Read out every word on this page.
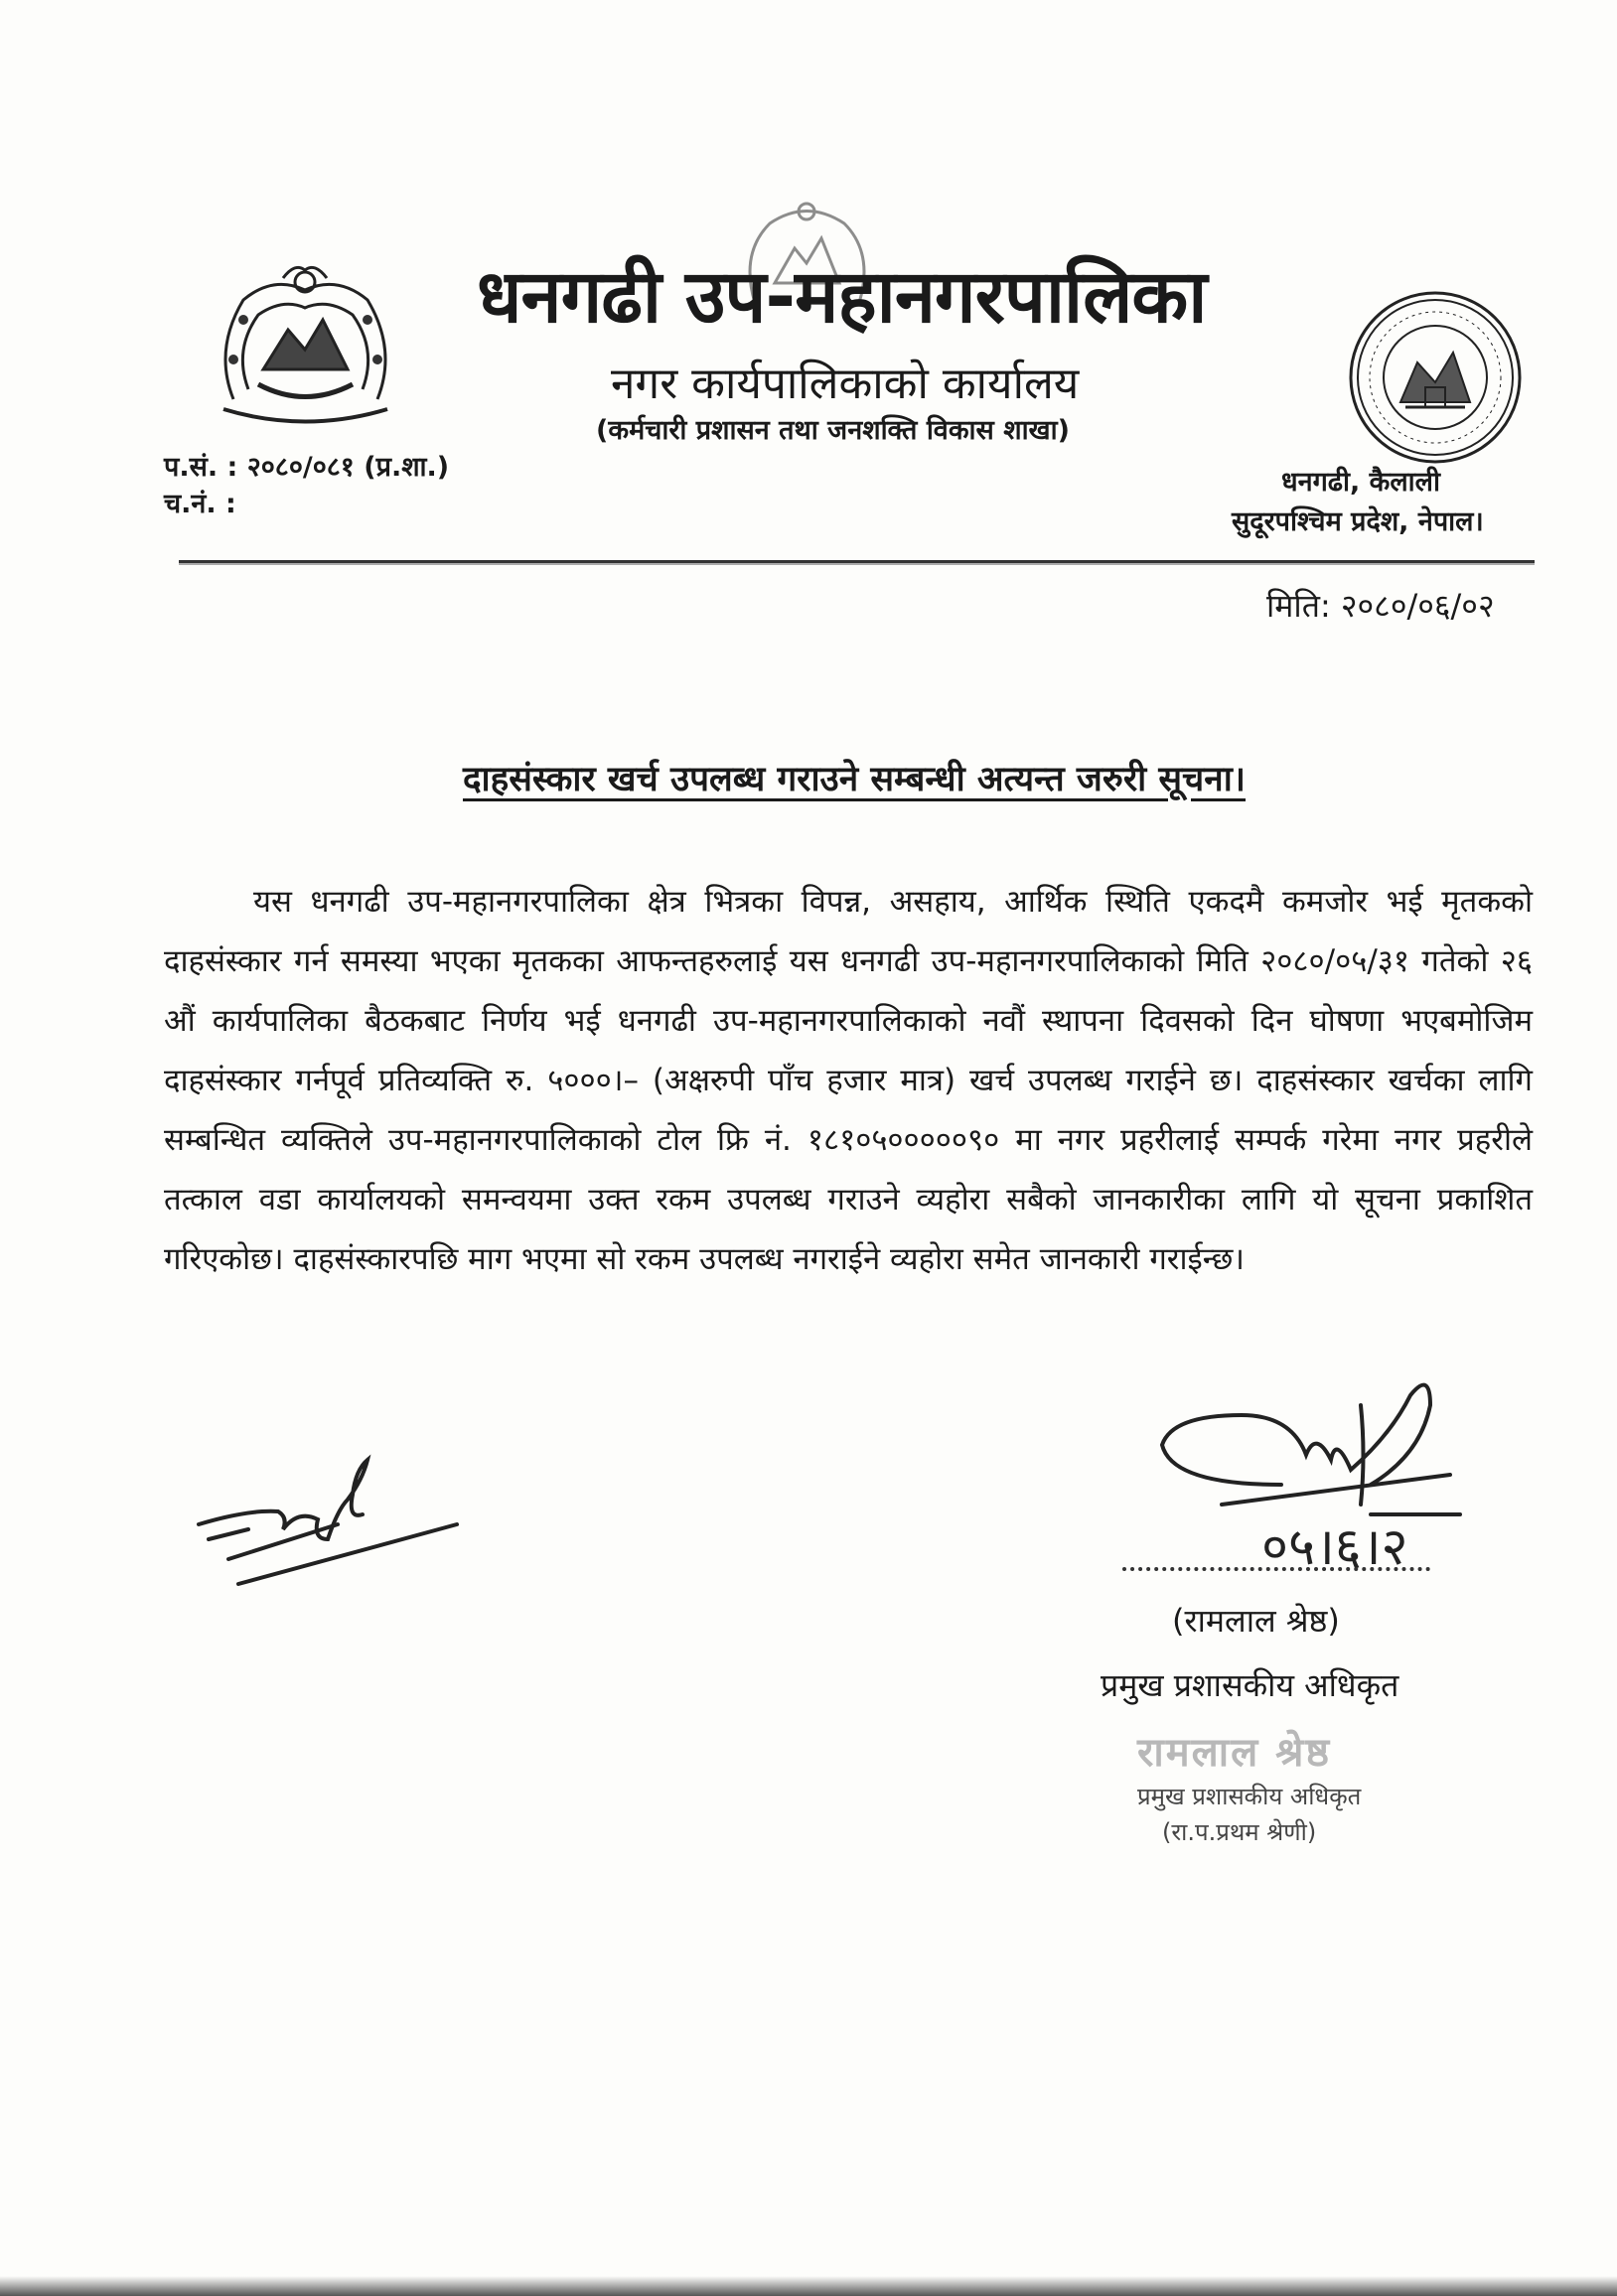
धनगढी उप-महानगरपालिका
नगर कार्यपालिकाको कार्यालय
(कर्मचारी प्रशासन तथा जनशक्ति विकास शाखा)
प.सं. : २०८०/०८१ (प्र.शा.)
च.नं. :
धनगढी, कैलाली
सुदूरपश्चिम प्रदेश, नेपाल।
मिति: २०८०/०६/०२
दाहसंस्कार खर्च उपलब्ध गराउने सम्बन्धी अत्यन्त जरुरी सूचना।
यस धनगढी उप-महानगरपालिका क्षेत्र भित्रका विपन्न, असहाय, आर्थिक स्थिति एकदमै कमजोर भई मृतकको दाहसंस्कार गर्न समस्या भएका मृतकका आफन्तहरुलाई यस धनगढी उप-महानगरपालिकाको मिति २०८०/०५/३१ गतेको २६ औं कार्यपालिका बैठकबाट निर्णय भई धनगढी उप-महानगरपालिकाको नवौं स्थापना दिवसको दिन घोषणा भएबमोजिम दाहसंस्कार गर्नपूर्व प्रतिव्यक्ति रु. ५०००।– (अक्षरुपी पाँच हजार मात्र) खर्च उपलब्ध गराईने छ। दाहसंस्कार खर्चका लागि सम्बन्धित व्यक्तिले उप-महानगरपालिकाको टोल फ्रि नं. १८१०५०००००९० मा नगर प्रहरीलाई सम्पर्क गरेमा नगर प्रहरीले तत्काल वडा कार्यालयको समन्वयमा उक्त रकम उपलब्ध गराउने व्यहोरा सबैको जानकारीका लागि यो सूचना प्रकाशित गरिएकोछ। दाहसंस्कारपछि माग भएमा सो रकम उपलब्ध नगराईने व्यहोरा समेत जानकारी गराईन्छ।
०५।६।२
(रामलाल श्रेष्ठ)
प्रमुख प्रशासकीय अधिकृत
रामलाल श्रेष्ठ
प्रमुख प्रशासकीय अधिकृत
(रा.प.प्रथम श्रेणी)
